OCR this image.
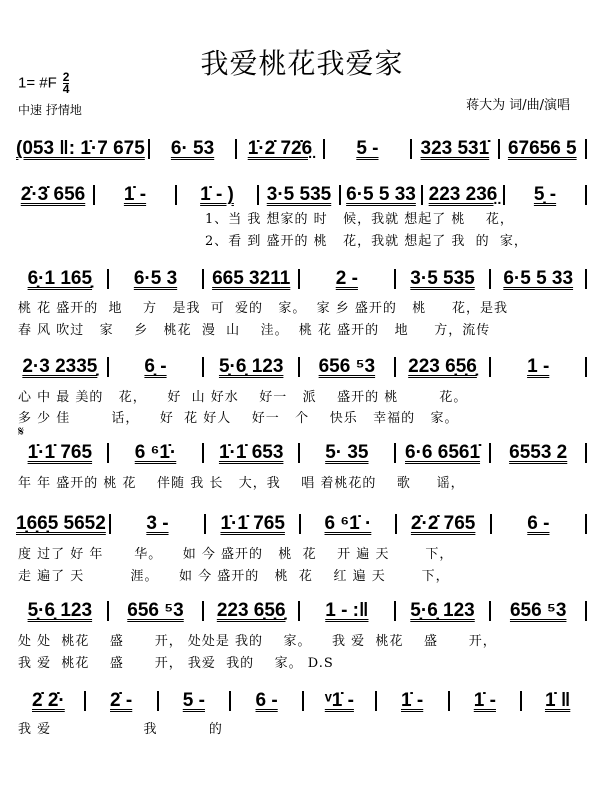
我爱桃花我爱家
1= #F $\frac{2}{4}$
中速 抒情地	蒋大为 词/曲/演唱
𝄋
(053 ‖: 1̇·7 675	6· 53	1̇·2̇ 72̇6̤	5 -	323 531̇ 67656 5
2̇·3̇ 656	1̇ -	1̇ - )	3·5 535 6·5 5 33 223 236̤	5̣ -
1、当 我 想家的 时   候，我就 想起了 桃    花，
2、看 到 盛开的 桃   花，我就 想起了 我  的  家，
6̣·1 165̣̣	6·5 3	665 3211	2 -	3·5 535	6·5 5 33
桃 花 盛开的  地    方   是我  可  爱的   家。  家 乡 盛开的   桃     花，是我
春 风 吹过   家    乡   桃花  漫  山    洼。  桃 花 盛开的   地     方，流传
2·3 2335̣	6̣ -	5̣·6̣ 123	656 ⁵3	223 6̣5̣6̣	1 -
心 中 最 美的   花，    好  山 好水    好一   派    盛开的 桃        花。
多 少 佳        话，    好  花 好人    好一   个    快乐   幸福的   家。
1̇·1̇ 765	6 ⁶1̇·	1̇·1̇ 653	5· 35	6·6 6561̇	6553 2
年 年 盛开的 桃 花    伴随 我 长   大，我    唱 着桃花的    歌     谣，
1̣6̣6̣5 5652	3 -	1̇·1̇ 765	6 ⁶1̇ ·	2̇·2̇ 765	6 -
度 过了 好 年      华。    如 今 盛开的   桃  花    开 遍 天       下，
走 遍了 天         涯。    如 今 盛开的   桃  花    红 遍 天       下，
5̣·6̣ 123	656 ⁵3	223 6̣5̣6̣	1 - :‖	5̣·6̣ 123	656 ⁵3
处 处  桃花    盛      开， 处处是 我的    家。    我 爱  桃花    盛      开，
我 爱  桃花    盛      开， 我爱  我的    家。 D.S
2̇ 2̇·	2̇ -	5 -	6 -	ᵛ1̇ -	1̇ -	1̇ -	1̇ ‖
我 爱                  我          的
